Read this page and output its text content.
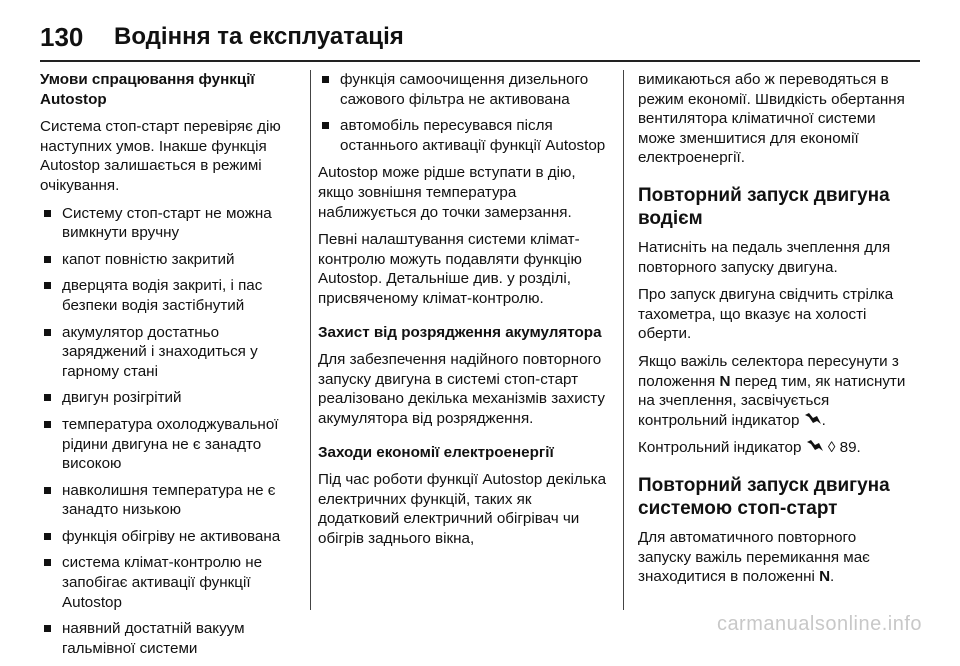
130	Водіння та експлуатація

Умови спрацювання функції Autostop

Система стоп-старт перевіряє дію наступних умов. Інакше функція Autostop залишається в режимі очікування.

Систему стоп-старт не можна вимкнути вручну
капот повністю закритий
дверцята водія закриті, і пас безпеки водія застібнутий
акумулятор достатньо заряджений і знаходиться у гарному стані
двигун розігрітий
температура охолоджувальної рідини двигуна не є занадто високою
навколишня температура не є занадто низькою
функція обігріву не активована
система клімат-контролю не запобігає активації функції Autostop
наявний достатній вакуум гальмівної системи
функція самоочищення дизельного сажового фільтра не активована
автомобіль пересувався після останнього активації функції Autostop

Autostop може рідше вступати в дію, якщо зовнішня температура наближується до точки замерзання.

Певні налаштування системи клімат-контролю можуть подавляти функцію Autostop. Детальніше див. у розділі, присвяченому клімат-контролю.

Захист від розрядження акумулятора

Для забезпечення надійного повторного запуску двигуна в системі стоп-старт реалізовано декілька механізмів захисту акумулятора від розрядження.

Заходи економії електроенергії

Під час роботи функції Autostop декілька електричних функцій, таких як додатковий електричний обігрівач чи обігрів заднього вікна,

вимикаються або ж переводяться в режим економії. Швидкість обертання вентилятора кліматичної системи може зменшитися для економії електроенергії.

Повторний запуск двигуна водієм

Натисніть на педаль зчеплення для повторного запуску двигуна.

Про запуск двигуна свідчить стрілка тахометра, що вказує на холості оберти.

Якщо важіль селектора пересунути з положення N перед тим, як натиснути на зчеплення, засвічується контрольний індикатор .

Контрольний індикатор ◊ 89.

Повторний запуск двигуна системою стоп-старт

Для автоматичного повторного запуску важіль перемикання має знаходитися в положенні N.

carmanualsonline.info
